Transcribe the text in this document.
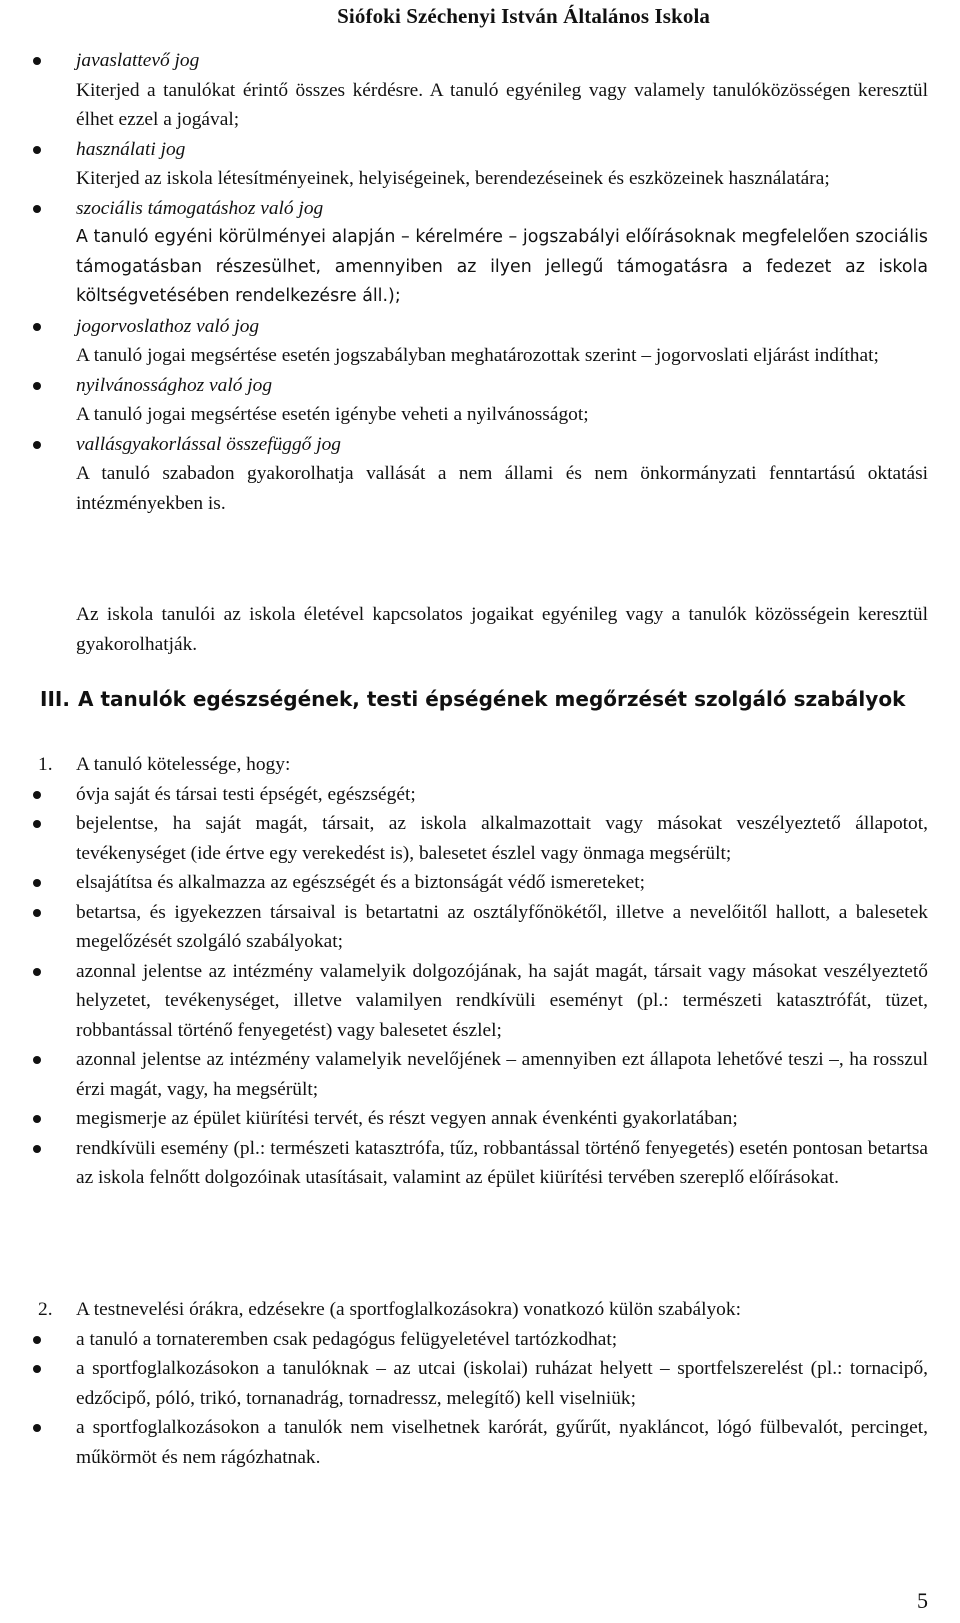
Siófoki Széchenyi István Általános Iskola

javaslattevő jog

Kiterjed a tanulókat érintő összes kérdésre. A tanuló egyénileg vagy valamely tanulóközösségen keresztül élhet ezzel a jogával;

használati jog

Kiterjed az iskola létesítményeinek, helyiségeinek, berendezéseinek és eszközeinek használatára;

szociális támogatáshoz való jog

A tanuló egyéni körülményei alapján – kérelmére – jogszabályi előírásoknak megfelelően szociális támogatásban részesülhet, amennyiben az ilyen jellegű támogatásra a fedezet az iskola költségvetésében rendelkezésre áll.);

jogorvoslathoz való jog

A tanuló jogai megsértése esetén jogszabályban meghatározottak szerint – jogorvoslati eljárást indíthat;

nyilvánossághoz való jog

A tanuló jogai megsértése esetén igénybe veheti a nyilvánosságot;

vallásgyakorlással összefüggő jog

A tanuló szabadon gyakorolhatja vallását a nem állami és nem önkormányzati fenntartású oktatási intézményekben is.

Az iskola tanulói az iskola életével kapcsolatos jogaikat egyénileg vagy a tanulók közösségein keresztül gyakorolhatják.
III. A tanulók egészségének, testi épségének megőrzését szolgáló szabályok
1. A tanuló kötelessége, hogy:

óvja saját és társai testi épségét, egészségét;

bejelentse, ha saját magát, társait, az iskola alkalmazottait vagy másokat veszélyeztető állapotot, tevékenységet (ide értve egy verekedést is), balesetet észlel vagy önmaga megsérült;

elsajátítsa és alkalmazza az egészségét és a biztonságát védő ismereteket;

betartsa, és igyekezzen társaival is betartatni az osztályfőnökétől, illetve a nevelőitől hallott, a balesetek megelőzését szolgáló szabályokat;

azonnal jelentse az intézmény valamelyik dolgozójának, ha saját magát, társait vagy másokat veszélyeztető helyzetet, tevékenységet, illetve valamilyen rendkívüli eseményt (pl.: természeti katasztrófát, tüzet, robbantással történő fenyegetést) vagy balesetet észlel;

azonnal jelentse az intézmény valamelyik nevelőjének – amennyiben ezt állapota lehetővé teszi –, ha rosszul érzi magát, vagy, ha megsérült;

megismerje az épület kiürítési tervét, és részt vegyen annak évenkénti gyakorlatában;

rendkívüli esemény (pl.: természeti katasztrófa, tűz, robbantással történő fenyegetés) esetén pontosan betartsa az iskola felnőtt dolgozóinak utasításait, valamint az épület kiürítési tervében szereplő előírásokat.

2. A testnevelési órákra, edzésekre (a sportfoglalkozásokra) vonatkozó külön szabályok:

a tanuló a tornateremben csak pedagógus felügyeletével tartózkodhat;

a sportfoglalkozásokon a tanulóknak – az utcai (iskolai) ruházat helyett – sportfelszerelést (pl.: tornacipő, edzőcipő, póló, trikó, tornanadrág, tornadressz, melegítő) kell viselniük;

a sportfoglalkozásokon a tanulók nem viselhetnek karórát, gyűrűt, nyakláncot, lógó fülbevalót, percinget, műkörmöt és nem rágózhatnak.

5
